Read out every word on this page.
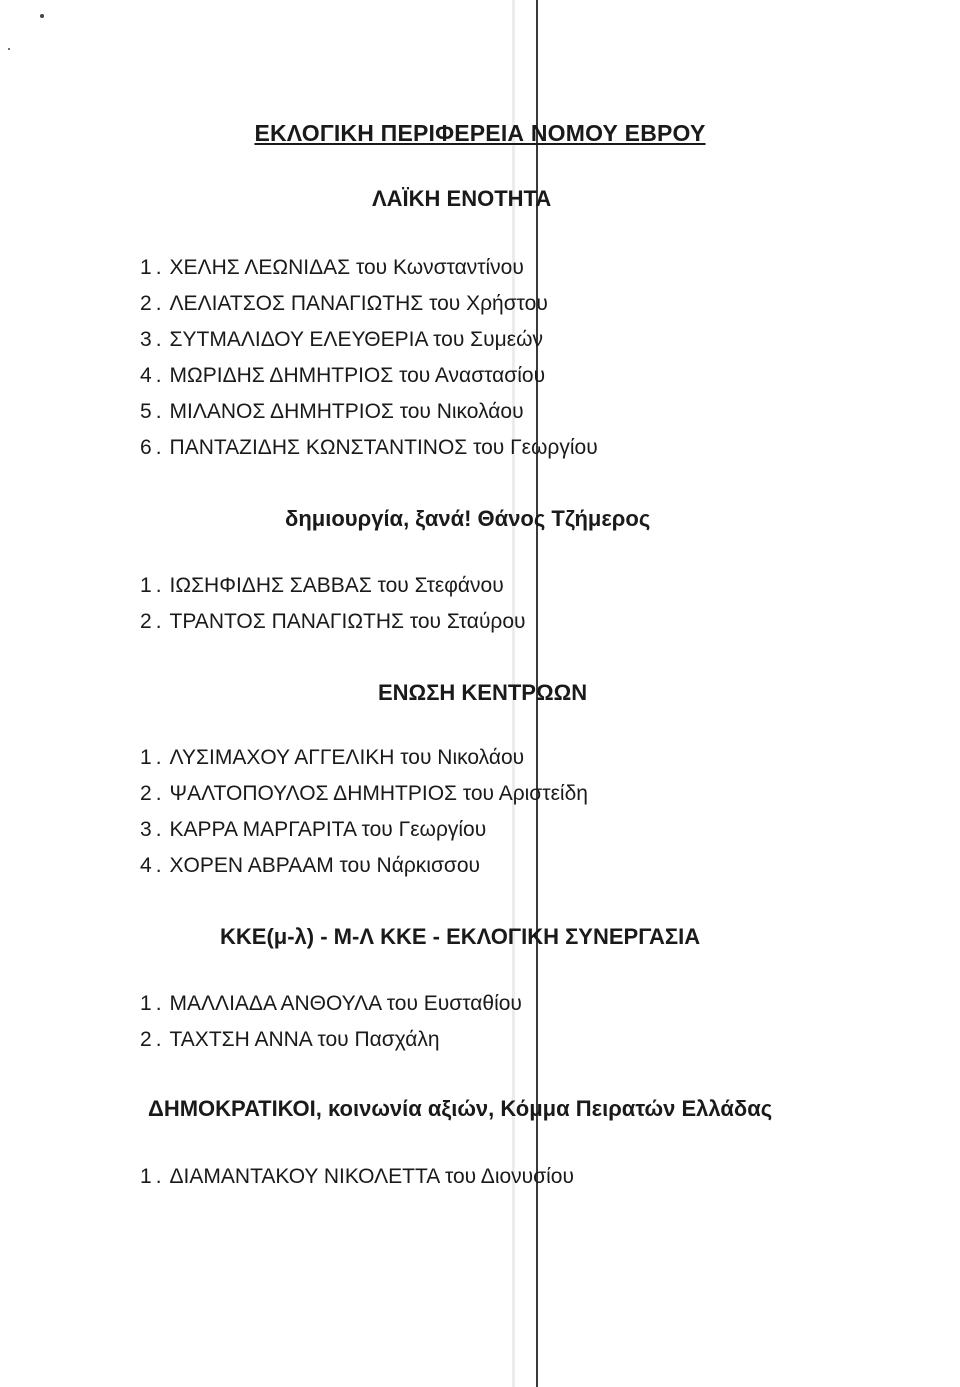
ΕΚΛΟΓΙΚΗ ΠΕΡΙΦΕΡΕΙΑ ΝΟΜΟΥ ΕΒΡΟΥ
ΛΑΪΚΗ ΕΝΟΤΗΤΑ
1 . ΧΕΛΗΣ ΛΕΩΝΙΔΑΣ του Κωνσταντίνου
2 . ΛΕΛΙΑΤΣΟΣ ΠΑΝΑΓΙΩΤΗΣ του Χρήστου
3 . ΣΥΤΜΑΛΙΔΟΥ ΕΛΕΥΘΕΡΙΑ του Συμεών
4 . ΜΩΡΙΔΗΣ ΔΗΜΗΤΡΙΟΣ του Αναστασίου
5 . ΜΙΛΑΝΟΣ ΔΗΜΗΤΡΙΟΣ του Νικολάου
6 . ΠΑΝΤΑΖΙΔΗΣ ΚΩΝΣΤΑΝΤΙΝΟΣ του Γεωργίου
δημιουργία, ξανά! Θάνος Τζήμερος
1 . ΙΩΣΗΦΙΔΗΣ ΣΑΒΒΑΣ του Στεφάνου
2 . ΤΡΑΝΤΟΣ ΠΑΝΑΓΙΩΤΗΣ του Σταύρου
ΕΝΩΣΗ ΚΕΝΤΡΩΩΝ
1 . ΛΥΣΙΜΑΧΟΥ ΑΓΓΕΛΙΚΗ του Νικολάου
2 . ΨΑΛΤΟΠΟΥΛΟΣ ΔΗΜΗΤΡΙΟΣ του Αριστείδη
3 . ΚΑΡΡΑ ΜΑΡΓΑΡΙΤΑ του Γεωργίου
4 . ΧΟΡΕΝ ΑΒΡΑΑΜ του Νάρκισσου
ΚΚΕ(μ-λ) - Μ-Λ ΚΚΕ - ΕΚΛΟΓΙΚΗ ΣΥΝΕΡΓΑΣΙΑ
1 . ΜΑΛΛΙΑΔΑ ΑΝΘΟΥΛΑ του Ευσταθίου
2 . ΤΑΧΤΣΗ ΑΝΝΑ του Πασχάλη
ΔΗΜΟΚΡΑΤΙΚΟΙ, κοινωνία αξιών, Κόμμα Πειρατών Ελλάδας
1 . ΔΙΑΜΑΝΤΑΚΟΥ ΝΙΚΟΛΕΤΤΑ του Διονυσίου
